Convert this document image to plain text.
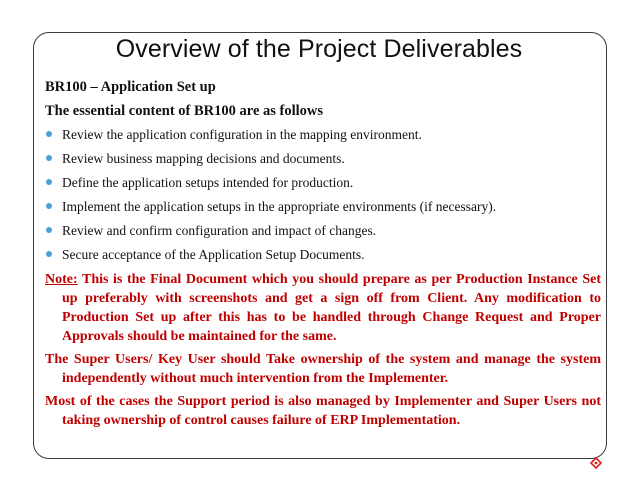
Overview of the Project Deliverables

BR100 – Application Set up

The essential content of BR100 are as follows

Review the application configuration in the mapping environment.
Review business mapping decisions and documents.
Define the application setups intended for production.
Implement the application setups in the appropriate environments (if necessary).
Review and confirm configuration and impact of changes.
Secure acceptance of the Application Setup Documents.

Note: This is the Final Document which you should prepare as per Production Instance Set up preferably with screenshots and get a sign off from Client. Any modification to Production Set up after this has to be handled through Change Request and Proper Approvals should be maintained for the same.

The Super Users/ Key User should Take ownership of the system and manage the system independently without much intervention from the Implementer.

Most of the cases the Support period is also managed by Implementer and Super Users not taking ownership of control causes failure of ERP Implementation.
